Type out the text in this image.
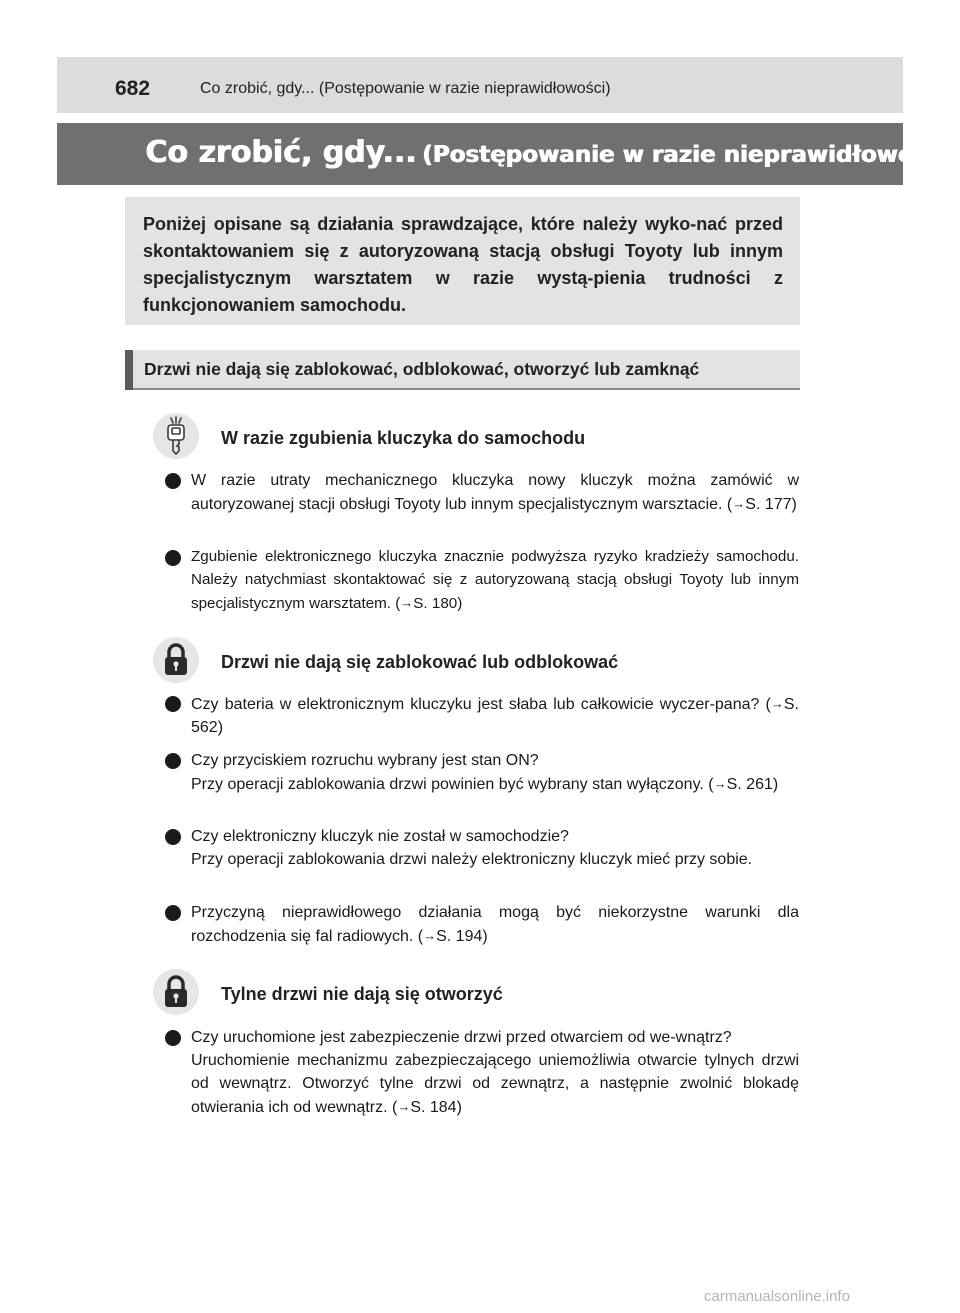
682	Co zrobić, gdy... (Postępowanie w razie nieprawidłowości)
Co zrobić, gdy... (Postępowanie w razie nieprawidłowości)
Poniżej opisane są działania sprawdzające, które należy wyko-nać przed skontaktowaniem się z autoryzowaną stacją obsługi Toyoty lub innym specjalistycznym warsztatem w razie wystą-pienia trudności z funkcjonowaniem samochodu.
Drzwi nie dają się zablokować, odblokować, otworzyć lub zamknąć
W razie zgubienia kluczyka do samochodu
W razie utraty mechanicznego kluczyka nowy kluczyk można zamówić w autoryzowanej stacji obsługi Toyoty lub innym specjalistycznym warsztacie. (→S. 177)
Zgubienie elektronicznego kluczyka znacznie podwyższa ryzyko kradzieży samochodu. Należy natychmiast skontaktować się z autoryzowaną stacją obsługi Toyoty lub innym specjalistycznym warsztatem. (→S. 180)
Drzwi nie dają się zablokować lub odblokować
Czy bateria w elektronicznym kluczyku jest słaba lub całkowicie wyczer-pana? (→S. 562)
Czy przyciskiem rozruchu wybrany jest stan ON?
Przy operacji zablokowania drzwi powinien być wybrany stan wyłączony. (→S. 261)
Czy elektroniczny kluczyk nie został w samochodzie?
Przy operacji zablokowania drzwi należy elektroniczny kluczyk mieć przy sobie.
Przyczyną nieprawidłowego działania mogą być niekorzystne warunki dla rozchodzenia się fal radiowych. (→S. 194)
Tylne drzwi nie dają się otworzyć
Czy uruchomione jest zabezpieczenie drzwi przed otwarciem od we-wnątrz?
Uruchomienie mechanizmu zabezpieczającego uniemożliwia otwarcie tylnych drzwi od wewnątrz. Otworzyć tylne drzwi od zewnątrz, a następnie zwolnić blokadę otwierania ich od wewnątrz. (→S. 184)
carmanualsonline.info
